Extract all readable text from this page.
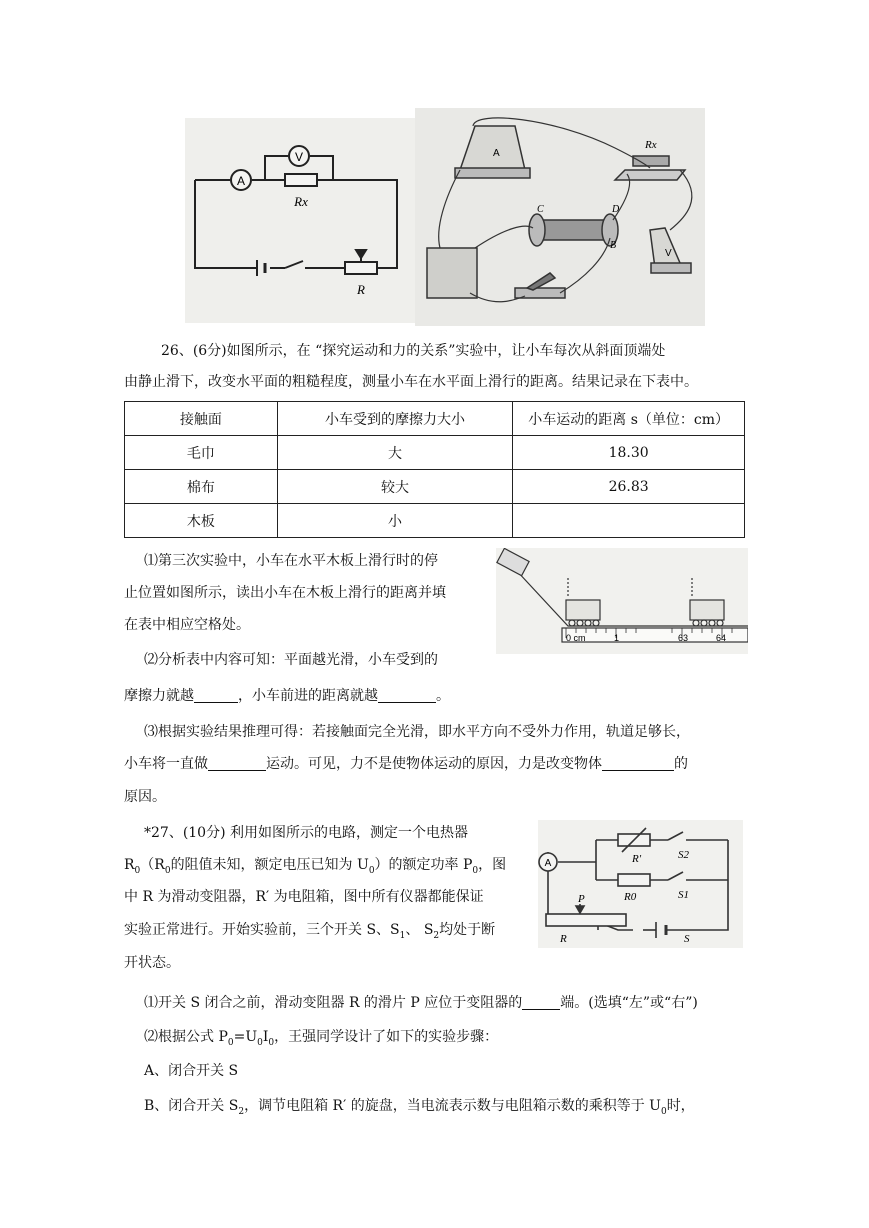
A
V
Rx
R
A
Rx
C	D
B
V
26、(6分)如图所示，在 “探究运动和力的关系”实验中，让小车每次从斜面顶端处
由静止滑下，改变水平面的粗糙程度，测量小车在水平面上滑行的距离。结果记录在下表中。
接触面	小车受到的摩擦力大小	小车运动的距离 s（单位：cm）
毛巾	大	18.30
棉布	较大	26.83
木板	小	
⑴第三次实验中，小车在水平木板上滑行时的停
止位置如图所示，读出小车在木板上滑行的距离并填
在表中相应空格处。
⑵分析表中内容可知：平面越光滑，小车受到的
摩擦力就越	，小车前进的距离就越	。
0 cm	1	63	64
⑶根据实验结果推理可得：若接触面完全光滑，即水平方向不受外力作用，轨道足够长，
小车将一直做	运动。可见，力不是使物体运动的原因，力是改变物体	的
原因。
*27、(10分) 利用如图所示的电路，测定一个电热器
$R_0(R_0$的阻值未知，额定电压已知为 $U_0$）的额定功率 $P_0$，图
中 R 为滑动变阻器，R′ 为电阻箱，图中所有仪器都能保证
实验正常进行。开始实验前，三个开关 S、$S_1$、 $S_2$均处于断
开状态。
A	R′	S2
R0	S1
P
R	S
⑴开关 S 闭合之前，滑动变阻器 R 的滑片 P 应位于变阻器的	端。(选填“左”或“右”)
⑵根据公式 $P_0=U_0I_0$，王强同学设计了如下的实验步骤：
A、闭合开关 S
B、闭合开关 $S_2$，调节电阻箱 R′ 的旋盘，当电流表示数与电阻箱示数的乘积等于 $U_0$时，
